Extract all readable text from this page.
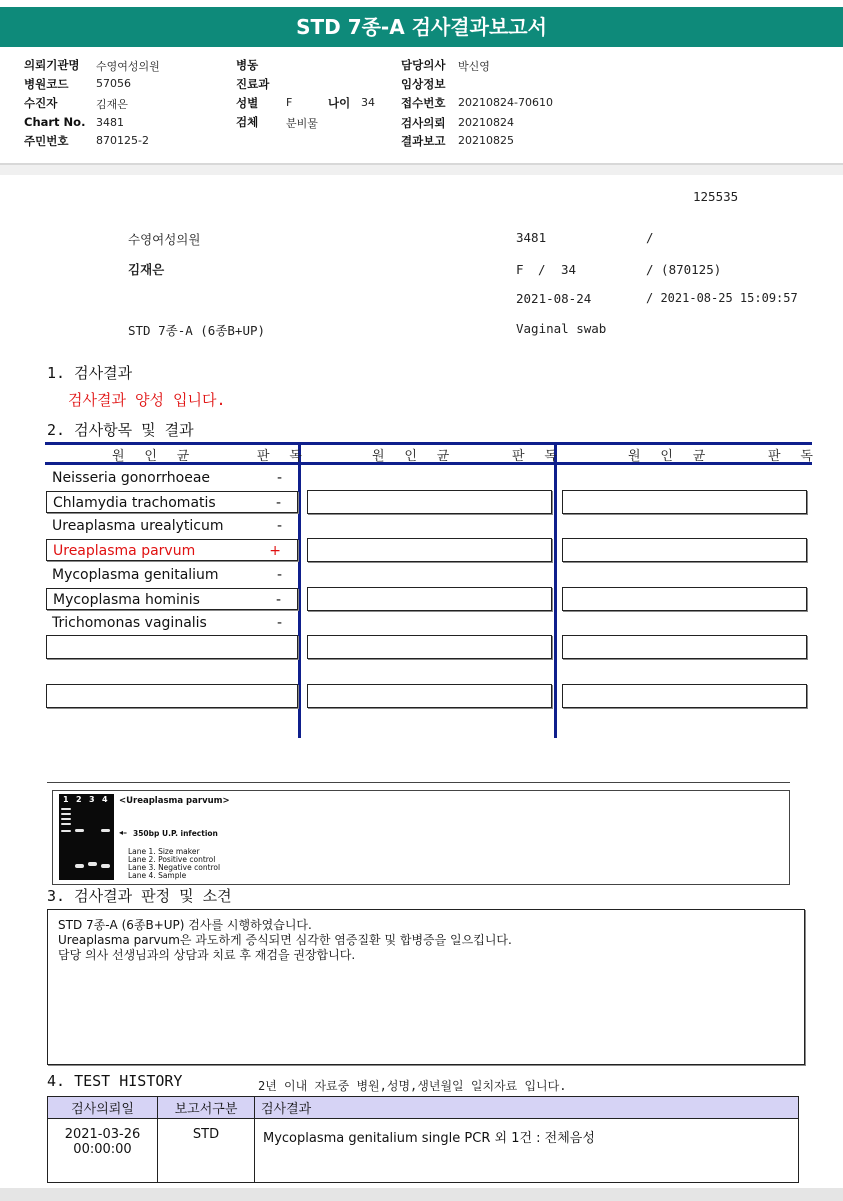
STD 7종-A 검사결과보고서
의뢰기관명 수영여성의원
병원코드	57056
수진자	김재은
Chart No. 3481
주민번호	870125-2
병동
진료과
성별	F	나이 34
검체	분비물
담당의사 박신영
임상정보
접수번호 20210824-70610
검사의뢰 20210824
결과보고 20210825
125535
수영여성의원	3481	/
김재은	F / 34	/ (870125)
2021-08-24	/ 2021-08-25 15:09:57
STD 7종-A (6종B+UP)	Vaginal swab
1. 검사결과
검사결과 양성 입니다.
2. 검사항목 및 결과
원 인 균	판 독	원 인 균	판 독	원 인 균	판 독
Neisseria gonorrhoeae	-
Chlamydia trachomatis	-
Ureaplasma urealyticum	-
Ureaplasma parvum	+
Mycoplasma genitalium	-
Mycoplasma hominis	-
Trichomonas vaginalis	-
1 2 3 4 <Ureaplasma parvum>
◂– 350bp U.P. infection
Lane 1. Size maker
Lane 2. Positive control
Lane 3. Negative control
Lane 4. Sample
3. 검사결과 판정 및 소견
STD 7종-A (6종B+UP) 검사를 시행하였습니다.
Ureaplasma parvum은 과도하게 증식되면 심각한 염증질환 및 합병증을 일으킵니다.
담당 의사 선생님과의 상담과 치료 후 재검을 권장합니다.
4. TEST HISTORY	2년 이내 자료중 병원,성명,생년월일 일치자료 입니다.
검사의뢰일	보고서구분	검사결과

2021-03-26
00:00:00	STD	Mycoplasma genitalium single PCR 외 1건 : 전체음성
